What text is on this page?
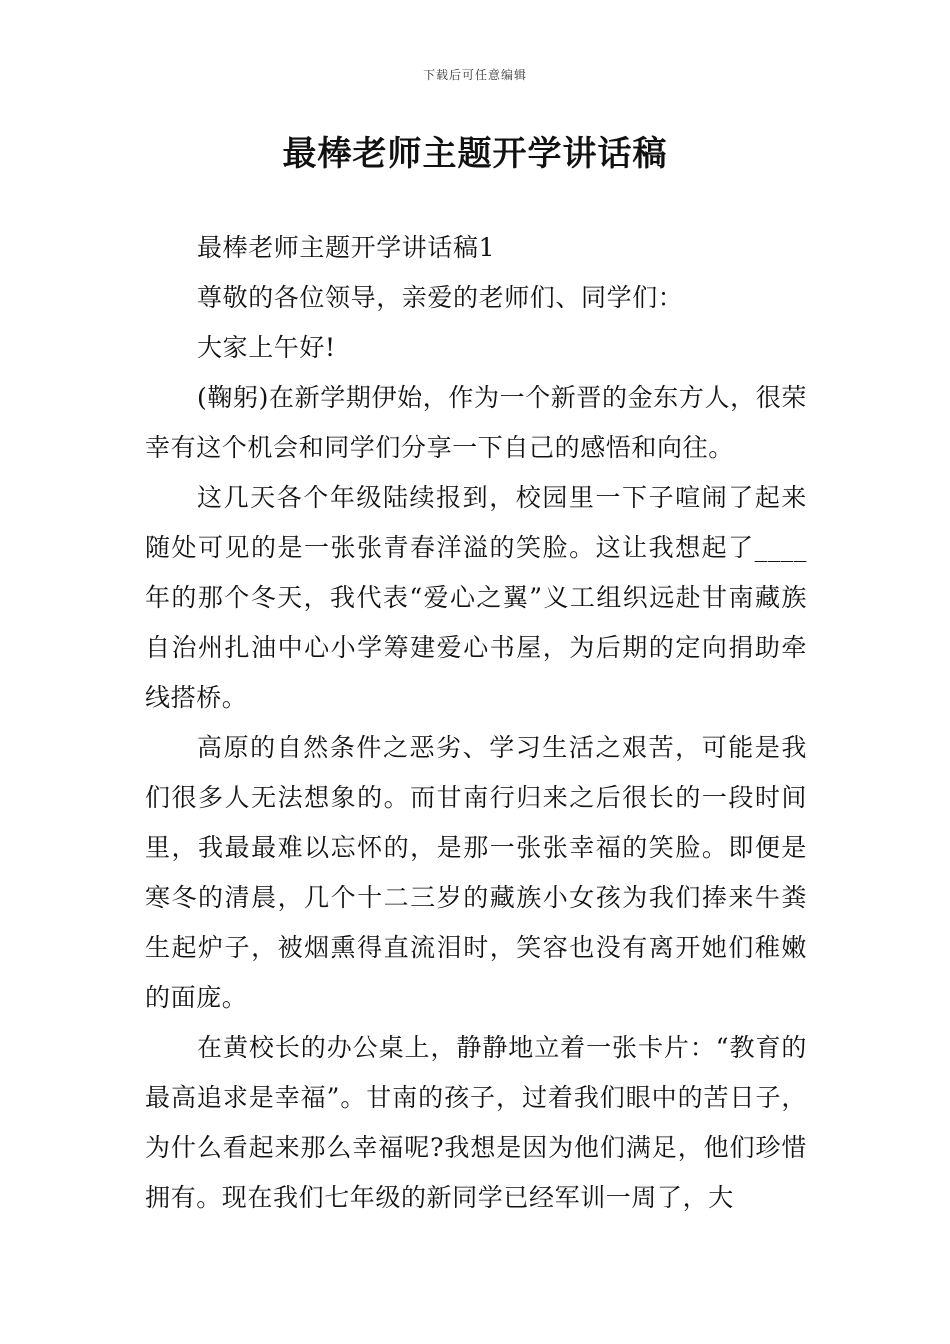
下载后可任意编辑
最棒老师主题开学讲话稿

最棒老师主题开学讲话稿1

尊敬的各位领导，亲爱的老师们、同学们：

大家上午好!

(鞠躬)在新学期伊始，作为一个新晋的金东方人，很荣幸有这个机会和同学们分享一下自己的感悟和向往。

这几天各个年级陆续报到，校园里一下子喧闹了起来随处可见的是一张张青春洋溢的笑脸。这让我想起了____年的那个冬天，我代表“爱心之翼”义工组织远赴甘南藏族自治州扎油中心小学筹建爱心书屋，为后期的定向捐助牵线搭桥。

高原的自然条件之恶劣、学习生活之艰苦，可能是我们很多人无法想象的。而甘南行归来之后很长的一段时间里，我最最难以忘怀的，是那一张张幸福的笑脸。即便是寒冬的清晨，几个十二三岁的藏族小女孩为我们捧来牛粪生起炉子，被烟熏得直流泪时，笑容也没有离开她们稚嫩的面庞。

在黄校长的办公桌上，静静地立着一张卡片：“教育的最高追求是幸福”。甘南的孩子，过着我们眼中的苦日子，为什么看起来那么幸福呢?我想是因为他们满足，他们珍惜拥有。现在我们七年级的新同学已经军训一周了，大
